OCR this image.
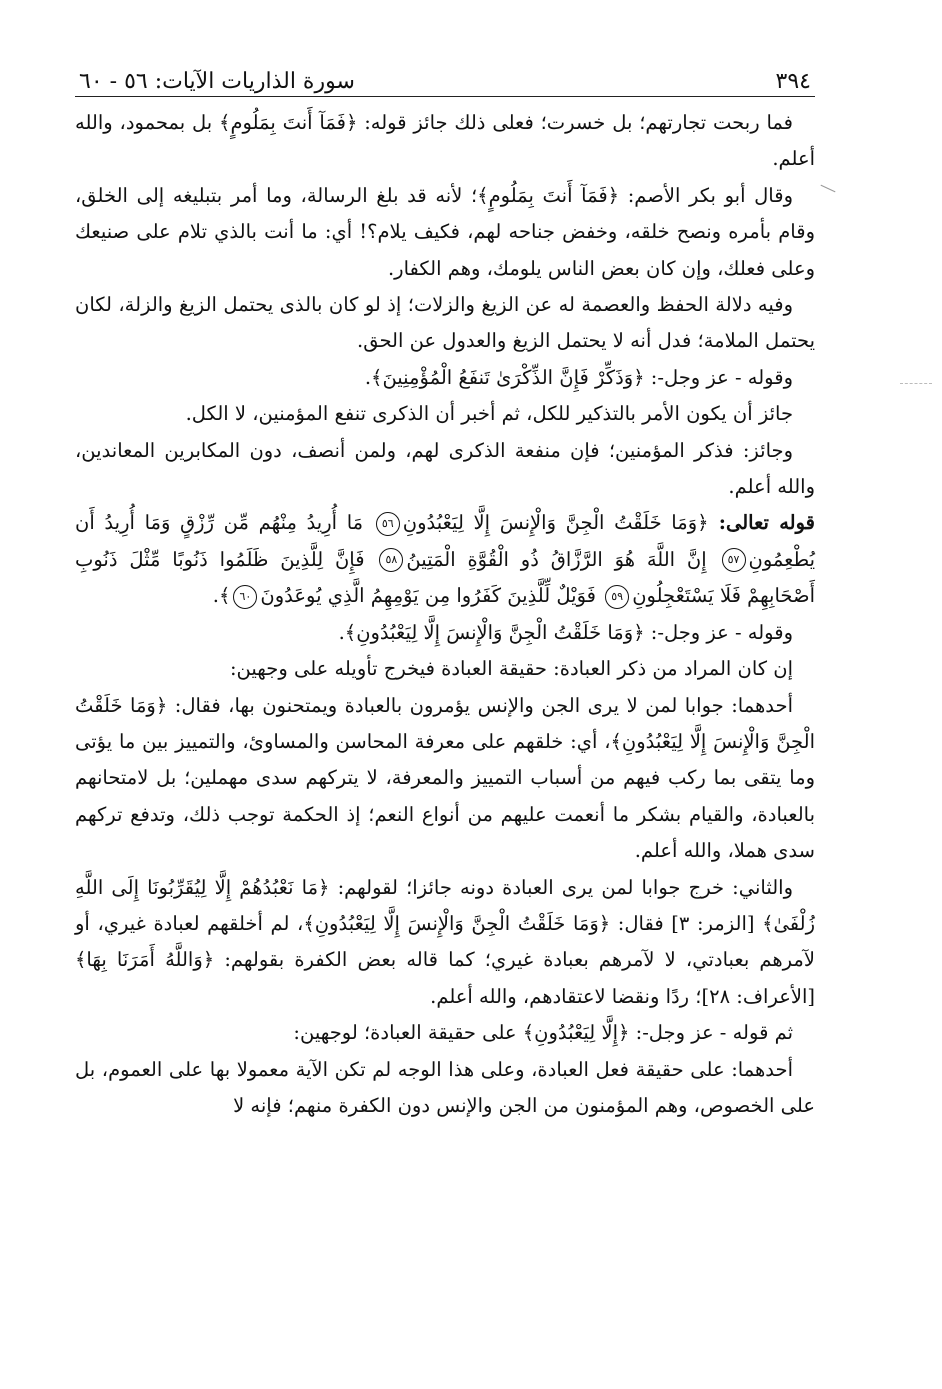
٣٩٤
سورة الذاريات الآيات: ٥٦ - ٦٠

فما ربحت تجارتهم؛ بل خسرت؛ فعلى ذلك جائز قوله: ﴿فَمَآ أَنتَ بِمَلُومٍ﴾ بل بمحمود، والله أعلم.

وقال أبو بكر الأصم: ﴿فَمَآ أَنتَ بِمَلُومٍ﴾؛ لأنه قد بلغ الرسالة، وما أمر بتبليغه إلى الخلق، وقام بأمره ونصح خلقه، وخفض جناحه لهم، فكيف يلام؟! أي: ما أنت بالذي تلام على صنيعك وعلى فعلك، وإن كان بعض الناس يلومك، وهم الكفار.

وفيه دلالة الحفظ والعصمة له عن الزيغ والزلات؛ إذ لو كان بالذى يحتمل الزيغ والزلة، لكان يحتمل الملامة؛ فدل أنه لا يحتمل الزيغ والعدول عن الحق.

وقوله - عز وجل-: ﴿وَذَكِّرْ فَإِنَّ الذِّكْرَىٰ تَنفَعُ الْمُؤْمِنِينَ﴾.

جائز أن يكون الأمر بالتذكير للكل، ثم أخبر أن الذكرى تنفع المؤمنين، لا الكل.

وجائز: فذكر المؤمنين؛ فإن منفعة الذكرى لهم، ولمن أنصف، دون المكابرين المعاندين، والله أعلم.

قوله تعالى: ﴿وَمَا خَلَقْتُ الْجِنَّ وَالْإِنسَ إِلَّا لِيَعْبُدُونِ٥٦ مَا أُرِيدُ مِنْهُم مِّن رِّزْقٍ وَمَا أُرِيدُ أَن يُطْعِمُونِ٥٧ إِنَّ اللَّهَ هُوَ الرَّزَّاقُ ذُو الْقُوَّةِ الْمَتِينُ٥٨ فَإِنَّ لِلَّذِينَ ظَلَمُوا ذَنُوبًا مِّثْلَ ذَنُوبِ أَصْحَابِهِمْ فَلَا يَسْتَعْجِلُونِ٥٩ فَوَيْلٌ لِّلَّذِينَ كَفَرُوا مِن يَوْمِهِمُ الَّذِي يُوعَدُونَ٦٠﴾.

وقوله - عز وجل-: ﴿وَمَا خَلَقْتُ الْجِنَّ وَالْإِنسَ إِلَّا لِيَعْبُدُونِ﴾.

إن كان المراد من ذكر العبادة: حقيقة العبادة فيخرج تأويله على وجهين:

أحدهما: جوابا لمن لا يرى الجن والإنس يؤمرون بالعبادة ويمتحنون بها، فقال: ﴿وَمَا خَلَقْتُ الْجِنَّ وَالْإِنسَ إِلَّا لِيَعْبُدُونِ﴾، أي: خلقهم على معرفة المحاسن والمساوئ، والتمييز بين ما يؤتى وما يتقى بما ركب فيهم من أسباب التمييز والمعرفة، لا يتركهم سدى مهملين؛ بل لامتحانهم بالعبادة، والقيام بشكر ما أنعمت عليهم من أنواع النعم؛ إذ الحكمة توجب ذلك، وتدفع تركهم سدى هملا، والله أعلم.

والثاني: خرج جوابا لمن يرى العبادة دونه جائزا؛ لقولهم: ﴿مَا نَعْبُدُهُمْ إِلَّا لِيُقَرِّبُونَا إِلَى اللَّهِ زُلْفَىٰ﴾ [الزمر: ٣] فقال: ﴿وَمَا خَلَقْتُ الْجِنَّ وَالْإِنسَ إِلَّا لِيَعْبُدُونِ﴾، لم أخلقهم لعبادة غيري، أو لآمرهم بعبادتي، لا لآمرهم بعبادة غيري؛ كما قاله بعض الكفرة بقولهم: ﴿وَاللَّهُ أَمَرَنَا بِهَا﴾ [الأعراف: ٢٨]؛ ردًا ونقضا لاعتقادهم، والله أعلم.

ثم قوله - عز وجل-: ﴿إِلَّا لِيَعْبُدُونِ﴾ على حقيقة العبادة؛ لوجهين:

أحدهما: على حقيقة فعل العبادة، وعلى هذا الوجه لم تكن الآية معمولا بها على العموم، بل على الخصوص، وهم المؤمنون من الجن والإنس دون الكفرة منهم؛ فإنه لا
